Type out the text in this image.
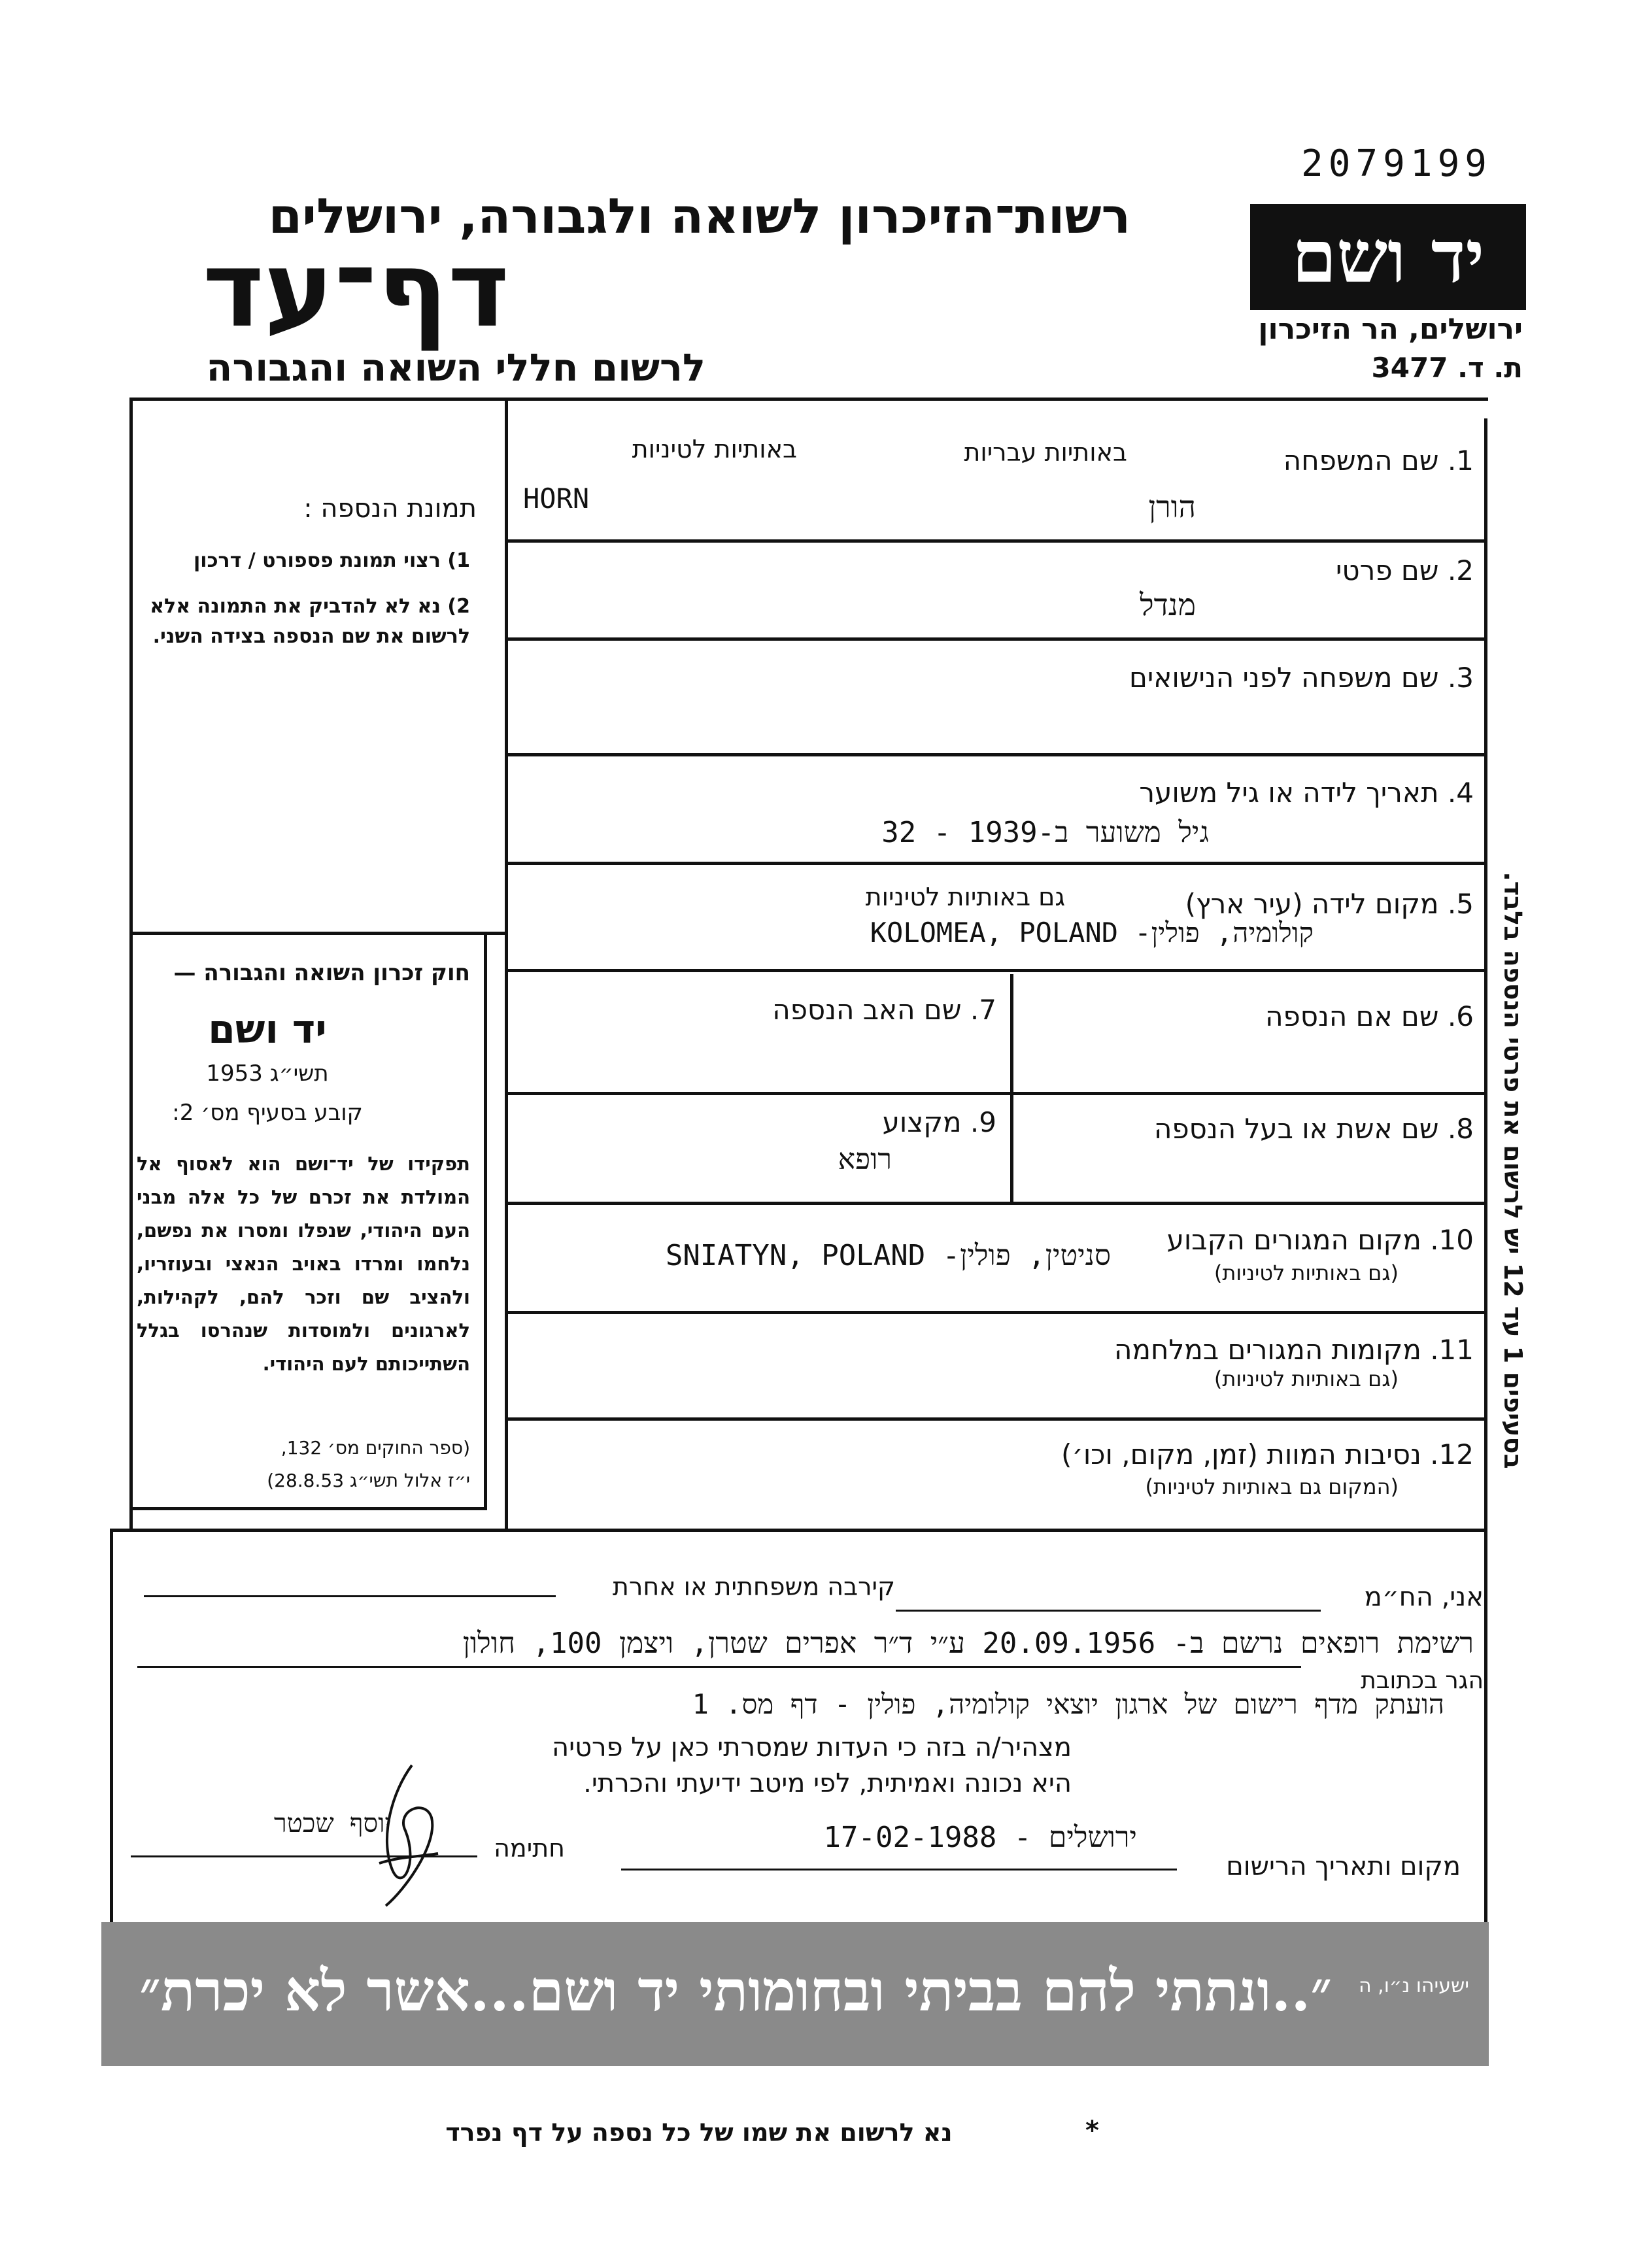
2079199
רשות־הזיכרון לשואה ולגבורה, ירושלים
דף־עד
לרשום חללי השואה והגבורה
יד ושם
ירושלים, הר הזיכרון
ת. ד. 3477
באותיות לטיניות	באותיות עבריות	1. שם המשפחה
הורן
HORN
2. שם פרטי
מנדל
3. שם משפחה לפני הנישואים
4. תאריך לידה או גיל משוער
גיל משוער ב-1939 - 32
5. מקום לידה (עיר ארץ)
גם באותיות לטיניות
קולומיה, פולין- KOLOMEA, POLAND
6. שם אם הנספה
7. שם האב הנספה
8. שם אשת או בעל הנספה
9. מקצוע
רופא
10. מקום המגורים הקבוע
(גם באותיות לטיניות)
סניטין, פולין- SNIATYN, POLAND
11. מקומות המגורים במלחמה
(גם באותיות לטיניות)
12. נסיבות המוות (זמן, מקום, וכו׳)
(המקום גם באותיות לטיניות)
תמונת הנספה :
1) רצוי תמונת פספורט / דרכון
2) נא לא להדביק את התמונה אלא לרשום את שם הנספה בצידה השני.
חוק זכרון השואה והגבורה —
יד ושם
תשי״ג 1953
קובע בסעיף מס׳ 2:
תפקידו של יד־ושם הוא לאסוף אל המולדת את זכרם של כל אלה מבני העם היהודי, שנפלו ומסרו את נפשם, נלחמו ומרדו באויב הנאצי ובעוזריו, ולהציב שם וזכר להם, לקהילות, לארגונים ולמוסדות שנהרסו בגלל השתייכותם לעם היהודי.
(ספר החוקים מס׳ 132,
י״ז אלול תשי״ג 28.8.53)
בסעיפים 1 עד 12 יש לרשום את פרטי הנספה בלבד.
אני, הח״מ
קירבה משפחתית או אחרת
רשימת רופאים נרשם ב- 20.09.1956 ע״י ד״ר אפרים שטרן, ויצמן 100, חולון
הגר בכתובת
הועתק מדף רישום של ארגון יוצאי קולומיה, פולין - דף מס. 1
מצהיר/ה בזה כי העדות שמסרתי כאן על פרטיה
היא נכונה ואמיתית, לפי מיטב ידיעתי והכרתי.
ירושלים - 17-02-1988
מקום ותאריך הרישום
יוסף שכטר
חתימה
״..ונתתי להם בביתי ובחומותי יד ושם...אשר לא יכרת״	ישעיהו נ״ו, ה
נא לרשום את שמו של כל נספה על דף נפרד	*
